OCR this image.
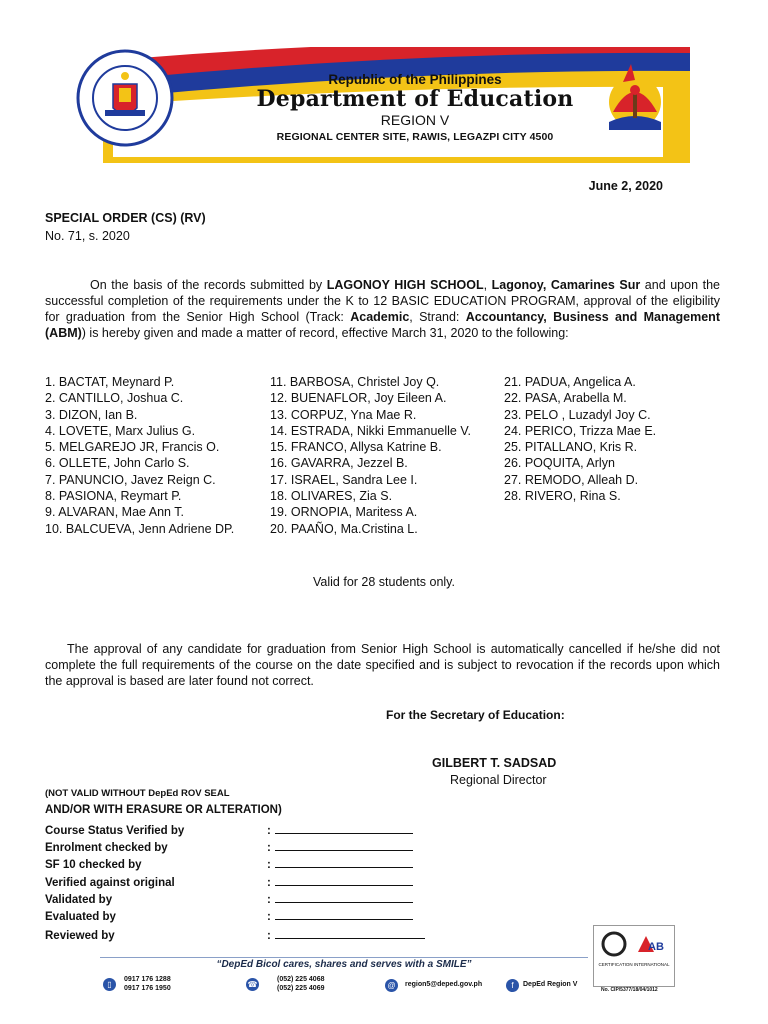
Republic of the Philippines
Department of Education
REGION V
REGIONAL CENTER SITE, RAWIS, LEGAZPI CITY 4500
June 2, 2020
SPECIAL ORDER (CS) (RV)
No. 71, s. 2020
On the basis of the records submitted by LAGONOY HIGH SCHOOL, Lagonoy, Camarines Sur and upon the successful completion of the requirements under the K to 12 BASIC EDUCATION PROGRAM, approval of the eligibility for graduation from the Senior High School (Track: Academic, Strand: Accountancy, Business and Management (ABM)) is hereby given and made a matter of record, effective March 31, 2020 to the following:
1. BACTAT, Meynard P.
2. CANTILLO, Joshua C.
3. DIZON, Ian B.
4. LOVETE, Marx Julius G.
5. MELGAREJO JR, Francis O.
6. OLLETE, John Carlo S.
7. PANUNCIO, Javez Reign C.
8. PASIONA, Reymart P.
9. ALVARAN, Mae Ann T.
10. BALCUEVA, Jenn Adriene DP.
11. BARBOSA, Christel Joy Q.
12. BUENAFLOR, Joy Eileen A.
13. CORPUZ, Yna Mae R.
14. ESTRADA, Nikki Emmanuelle V.
15. FRANCO, Allysa Katrine B.
16. GAVARRA, Jezzel B.
17. ISRAEL, Sandra Lee I.
18. OLIVARES, Zia S.
19. ORNOPIA, Maritess A.
20. PAAÑO, Ma.Cristina L.
21. PADUA, Angelica A.
22. PASA, Arabella M.
23. PELO , Luzadyl Joy C.
24. PERICO, Trizza Mae E.
25. PITALLANO, Kris R.
26. POQUITA, Arlyn
27. REMODO, Alleah D.
28. RIVERO, Rina S.
Valid for 28 students only.
The approval of any candidate for graduation from Senior High School is automatically cancelled if he/she did not complete the full requirements of the course on the date specified and is subject to revocation if the records upon which the approval is based are later found not correct.
For the Secretary of Education:
GILBERT T. SADSAD
Regional Director
(NOT VALID WITHOUT DepEd ROV SEAL
AND/OR WITH ERASURE OR ALTERATION)
Course Status Verified by	:
Enrolment checked by	:
SF 10 checked by	:
Verified against original	:
Validated by	:
Evaluated by	:
Reviewed by	:
AB
CERTIFICATION INTERNATIONAL
No. CIP/5377/18/04/1012
“DepEd Bicol cares, shares and serves with a SMILE”
▯
0917 176 1288
0917 176 1950	☎
(052) 225 4068
(052) 225 4069	@	region5@deped.gov.ph	f	DepEd Region V
